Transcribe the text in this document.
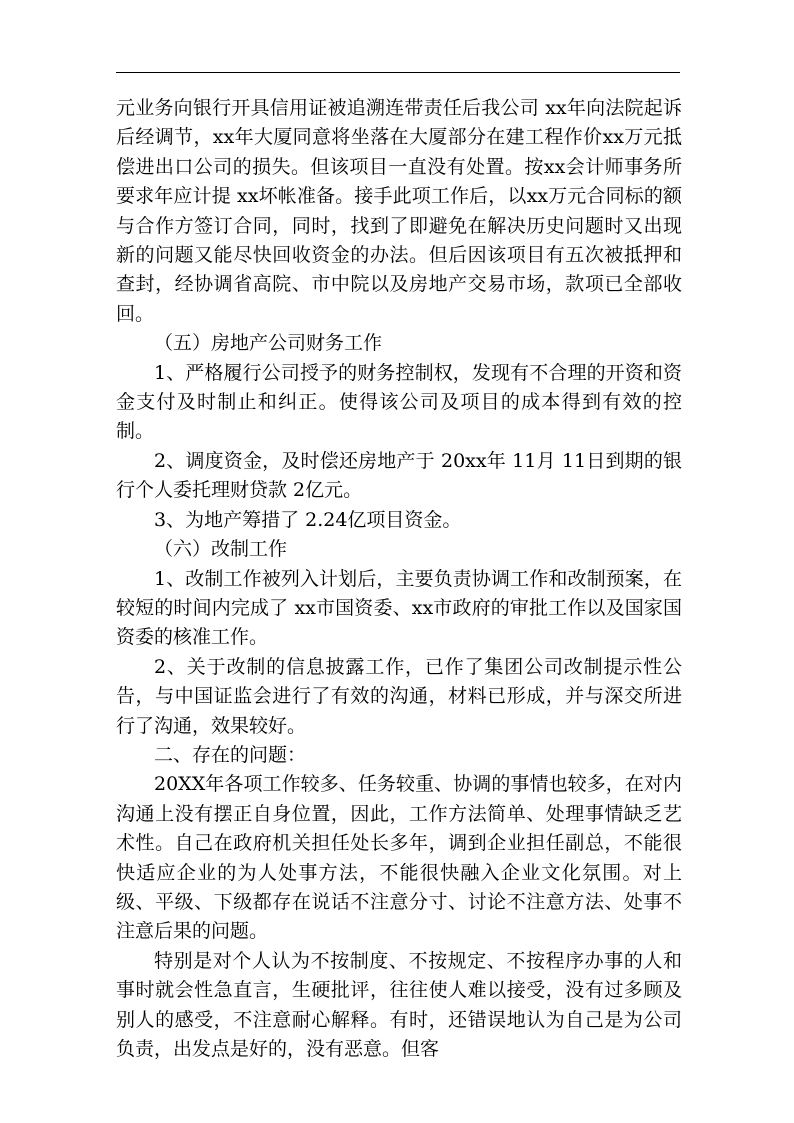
元业务向银行开具信用证被追溯连带责任后我公司 xx年向法院起诉后经调节，xx年大厦同意将坐落在大厦部分在建工程作价xx万元抵偿进出口公司的损失。但该项目一直没有处置。按xx会计师事务所要求年应计提 xx坏帐准备。接手此项工作后，以xx万元合同标的额与合作方签订合同，同时，找到了即避免在解决历史问题时又出现新的问题又能尽快回收资金的办法。但后因该项目有五次被抵押和查封，经协调省高院、市中院以及房地产交易市场，款项已全部收回。

（五）房地产公司财务工作

1、严格履行公司授予的财务控制权，发现有不合理的开资和资金支付及时制止和纠正。使得该公司及项目的成本得到有效的控制。

2、调度资金，及时偿还房地产于 20xx年 11月 11日到期的银行个人委托理财贷款 2亿元。

3、为地产筹措了 2.24亿项目资金。

（六）改制工作

1、改制工作被列入计划后，主要负责协调工作和改制预案，在较短的时间内完成了 xx市国资委、xx市政府的审批工作以及国家国资委的核准工作。

2、关于改制的信息披露工作，已作了集团公司改制提示性公告，与中国证监会进行了有效的沟通，材料已形成，并与深交所进行了沟通，效果较好。

二、存在的问题：

20XX年各项工作较多、任务较重、协调的事情也较多，在对内沟通上没有摆正自身位置，因此，工作方法简单、处理事情缺乏艺术性。自己在政府机关担任处长多年，调到企业担任副总，不能很快适应企业的为人处事方法，不能很快融入企业文化氛围。对上级、平级、下级都存在说话不注意分寸、讨论不注意方法、处事不注意后果的问题。

特别是对个人认为不按制度、不按规定、不按程序办事的人和事时就会性急直言，生硬批评，往往使人难以接受，没有过多顾及别人的感受，不注意耐心解释。有时，还错误地认为自己是为公司负责，出发点是好的，没有恶意。但客
